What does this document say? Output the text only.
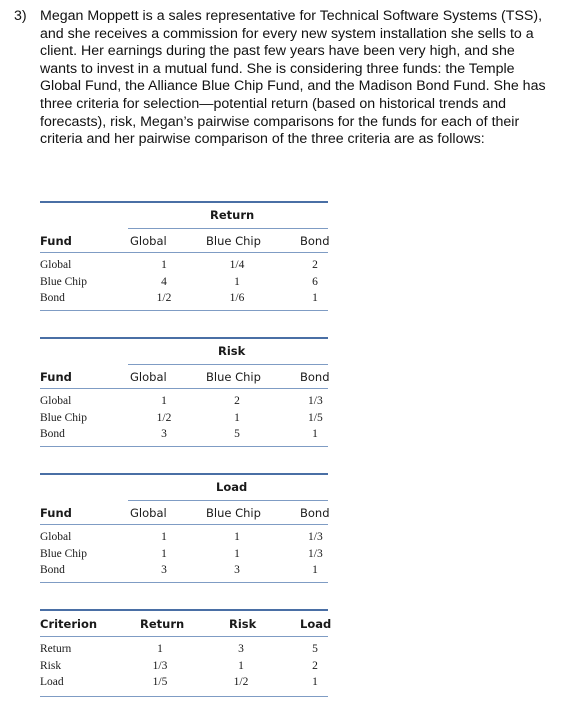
3) Megan Moppett is a sales representative for Technical Software Systems (TSS), and she receives a commission for every new system installation she sells to a client. Her earnings during the past few years have been very high, and she wants to invest in a mutual fund. She is considering three funds: the Temple Global Fund, the Alliance Blue Chip Fund, and the Madison Bond Fund. She has three criteria for selection—potential return (based on historical trends and forecasts), risk, Megan’s pairwise comparisons for the funds for each of their criteria and her pairwise comparison of the three criteria are as follows:
Return
Fund	Global	Blue Chip	Bond
Global	1	1/4	2
Blue Chip	4	1	6
Bond	1/2	1/6	1
Risk
Fund	Global	Blue Chip	Bond
Global	1	2	1/3
Blue Chip	1/2	1	1/5
Bond	3	5	1
Load
Fund	Global	Blue Chip	Bond
Global	1	1	1/3
Blue Chip	1	1	1/3
Bond	3	3	1
Criterion	Return	Risk	Load
Return	1	3	5
Risk	1/3	1	2
Load	1/5	1/2	1
